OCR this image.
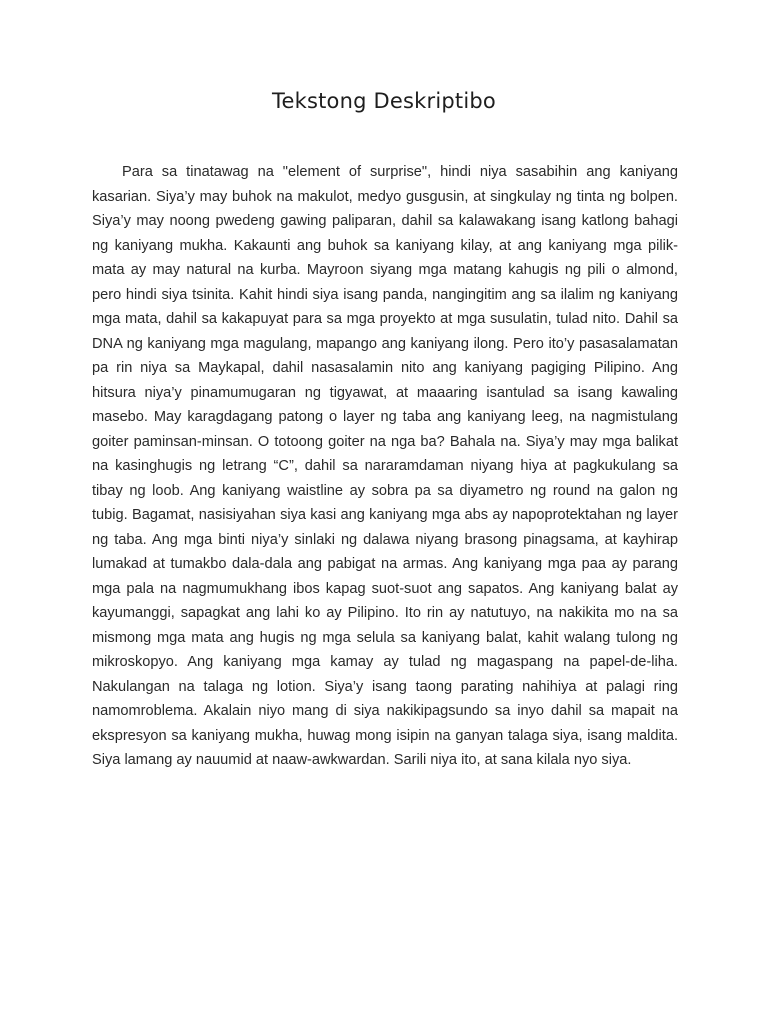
Tekstong Deskriptibo

Para sa tinatawag na "element of surprise", hindi niya sasabihin ang kaniyang kasarian. Siya’y may buhok na makulot, medyo gusgusin, at singkulay ng tinta ng bolpen. Siya’y may noong pwedeng gawing paliparan, dahil sa kalawakang isang katlong bahagi ng kaniyang mukha. Kakaunti ang buhok sa kaniyang kilay, at ang kaniyang mga pilik-mata ay may natural na kurba. Mayroon siyang mga matang kahugis ng pili o almond, pero hindi siya tsinita. Kahit hindi siya isang panda, nangingitim ang sa ilalim ng kaniyang mga mata, dahil sa kakapuyat para sa mga proyekto at mga susulatin, tulad nito. Dahil sa DNA ng kaniyang mga magulang, mapango ang kaniyang ilong. Pero ito’y pasasalamatan pa rin niya sa Maykapal, dahil nasasalamin nito ang kaniyang pagiging Pilipino. Ang hitsura niya’y pinamumugaran ng tigyawat, at maaaring isantulad sa isang kawaling masebo. May karagdagang patong o layer ng taba ang kaniyang leeg, na nagmistulang goiter paminsan-minsan. O totoong goiter na nga ba? Bahala na. Siya’y may mga balikat na kasinghugis ng letrang “C”, dahil sa nararamdaman niyang hiya at pagkukulang sa tibay ng loob. Ang kaniyang waistline ay sobra pa sa diyametro ng round na galon ng tubig. Bagamat, nasisiyahan siya kasi ang kaniyang mga abs ay napoprotektahan ng layer ng taba. Ang mga binti niya’y sinlaki ng dalawa niyang brasong pinagsama, at kayhirap lumakad at tumakbo dala-dala ang pabigat na armas. Ang kaniyang mga paa ay parang mga pala na nagmumukhang ibos kapag suot-suot ang sapatos. Ang kaniyang balat ay kayumanggi, sapagkat ang lahi ko ay Pilipino. Ito rin ay natutuyo, na nakikita mo na sa mismong mga mata ang hugis ng mga selula sa kaniyang balat, kahit walang tulong ng mikroskopyo. Ang kaniyang mga kamay ay tulad ng magaspang na papel-de-liha. Nakulangan na talaga ng lotion. Siya’y isang taong parating nahihiya at palagi ring namomroblema. Akalain niyo mang di siya nakikipagsundo sa inyo dahil sa mapait na ekspresyon sa kaniyang mukha, huwag mong isipin na ganyan talaga siya, isang maldita. Siya lamang ay nauumid at naaw-awkwardan. Sarili niya ito, at sana kilala nyo siya.
